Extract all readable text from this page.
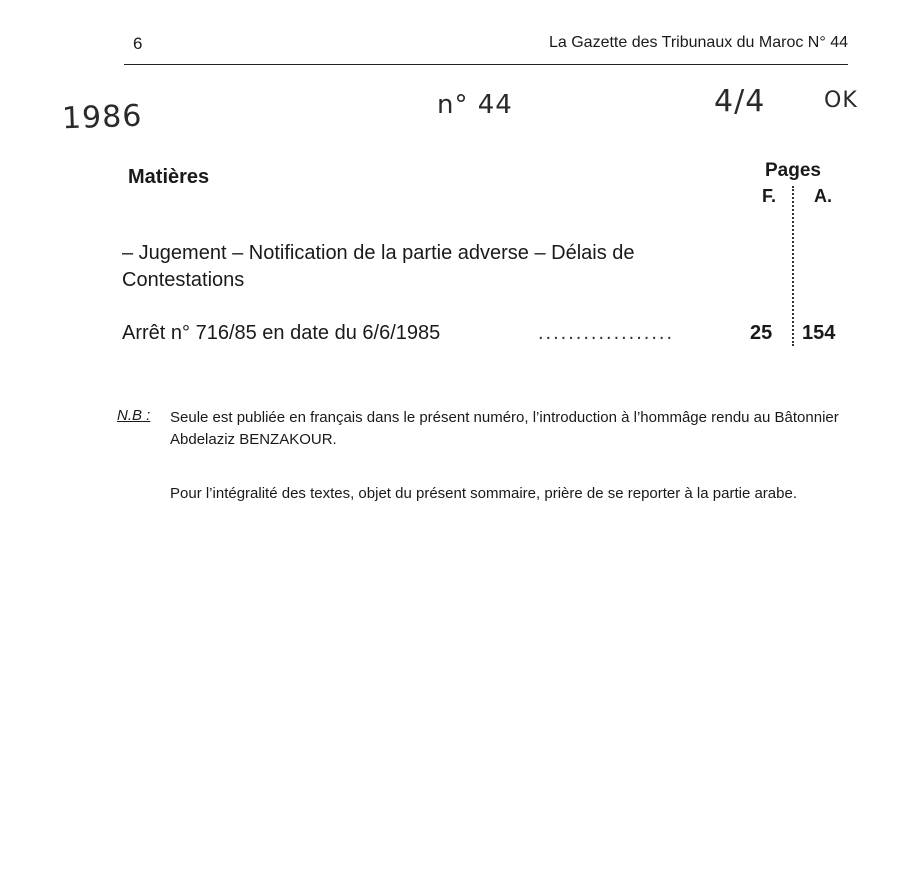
6	La Gazette des Tribunaux du Maroc N° 44
1986	n° 44	4/4	OK
Matières	Pages
F. A.
– Jugement – Notification de la partie adverse – Délais de Contestations
Arrêt n° 716/85 en date du 6/6/1985	..................	25 154
N.B : Seule est publiée en français dans le présent numéro, l’introduction à l’hommâge rendu au Bâtonnier Abdelaziz BENZAKOUR.
Pour l’intégralité des textes, objet du présent sommaire, prière de se reporter à la partie arabe.
